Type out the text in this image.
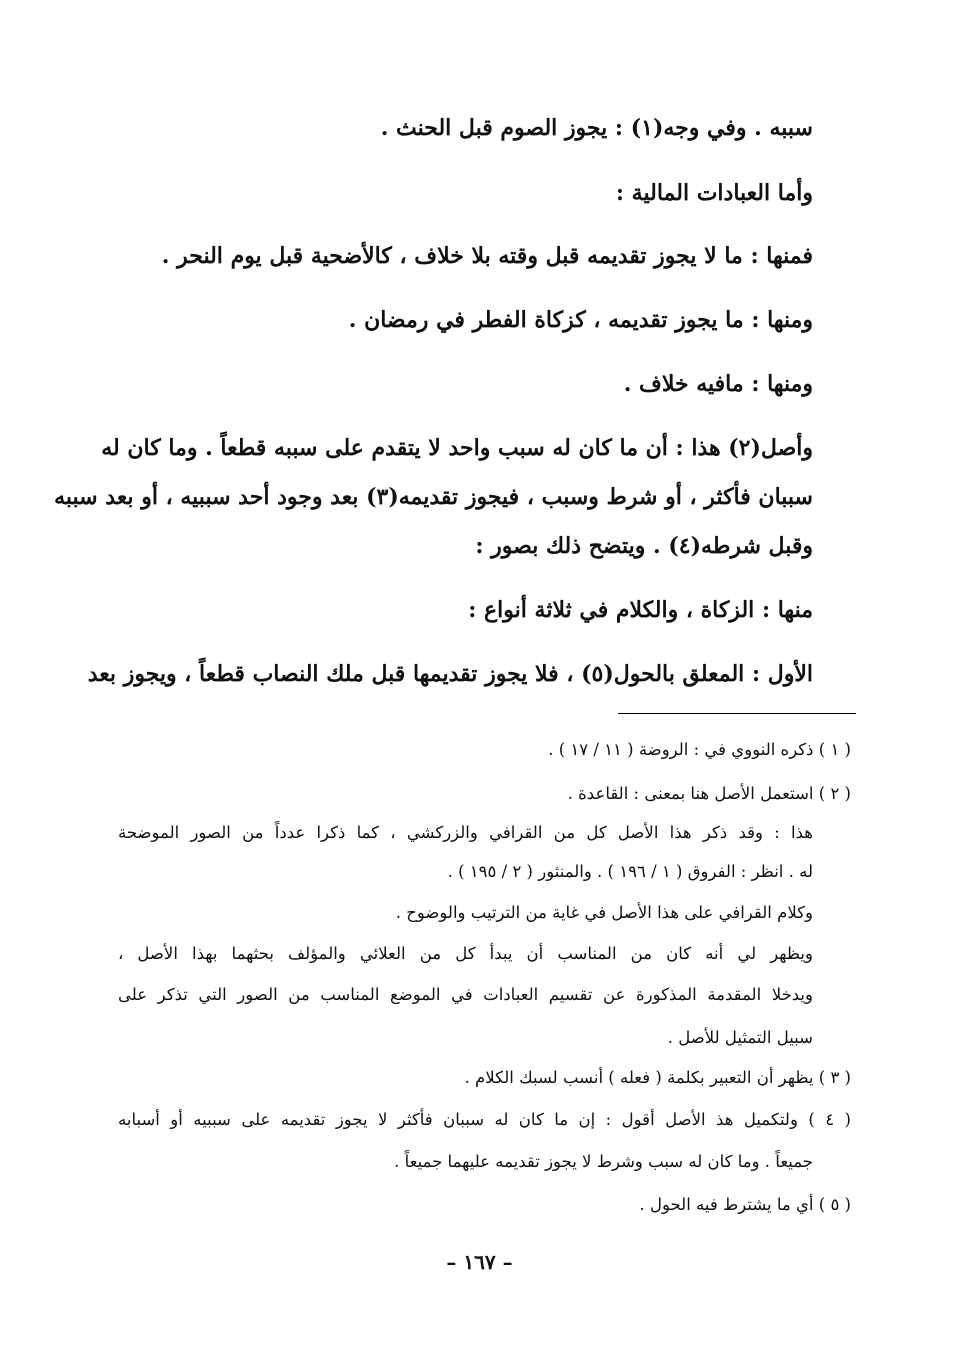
سببه . وفي وجه(١) : يجوز الصوم قبل الحنث .
وأما العبادات المالية :
فمنها : ما لا يجوز تقديمه قبل وقته بلا خلاف ، كالأضحية قبل يوم النحر .
ومنها : ما يجوز تقديمه ، كزكاة الفطر في رمضان .
ومنها : مافيه خلاف .
وأصل(٢) هذا : أن ما كان له سبب واحد لا يتقدم على سببه قطعاً . وما كان له
سببان فأكثر ، أو شرط وسبب ، فيجوز تقديمه(٣) بعد وجود أحد سببيه ، أو بعد سببه
وقبل شرطه(٤) . ويتضح ذلك بصور :
منها : الزكاة ، والكلام في ثلاثة أنواع :
الأول : المعلق بالحول(٥) ، فلا يجوز تقديمها قبل ملك النصاب قطعاً ، ويجوز بعد
( ١ ) ذكره النووي في : الروضة ( ١١ / ١٧ ) .
( ٢ ) استعمل الأصل هنا بمعنى : القاعدة .
هذا : وقد ذكر هذا الأصل كل من القرافي والزركشي ، كما ذكرا عدداً من الصور الموضحة
له . انظر : الفروق ( ١ / ١٩٦ ) . والمنثور ( ٢ / ١٩٥ ) .
وكلام القرافي على هذا الأصل في غاية من الترتيب والوضوح .
ويظهر لي أنه كان من المناسب أن يبدأ كل من العلائي والمؤلف بحثهما بهذا الأصل ،
ويدخلا المقدمة المذكورة عن تقسيم العبادات في الموضع المناسب من الصور التي تذكر على
سبيل التمثيل للأصل .
( ٣ ) يظهر أن التعبير بكلمة ( فعله ) أنسب لسبك الكلام .
( ٤ ) ولتكميل هذ الأصل أقول : إن ما كان له سببان فأكثر لا يجوز تقديمه على سببيه أو أسبابه
جميعاً . وما كان له سبب وشرط لا يجوز تقديمه عليهما جميعاً .
( ٥ ) أي ما يشترط فيه الحول .
– ١٦٧ –
